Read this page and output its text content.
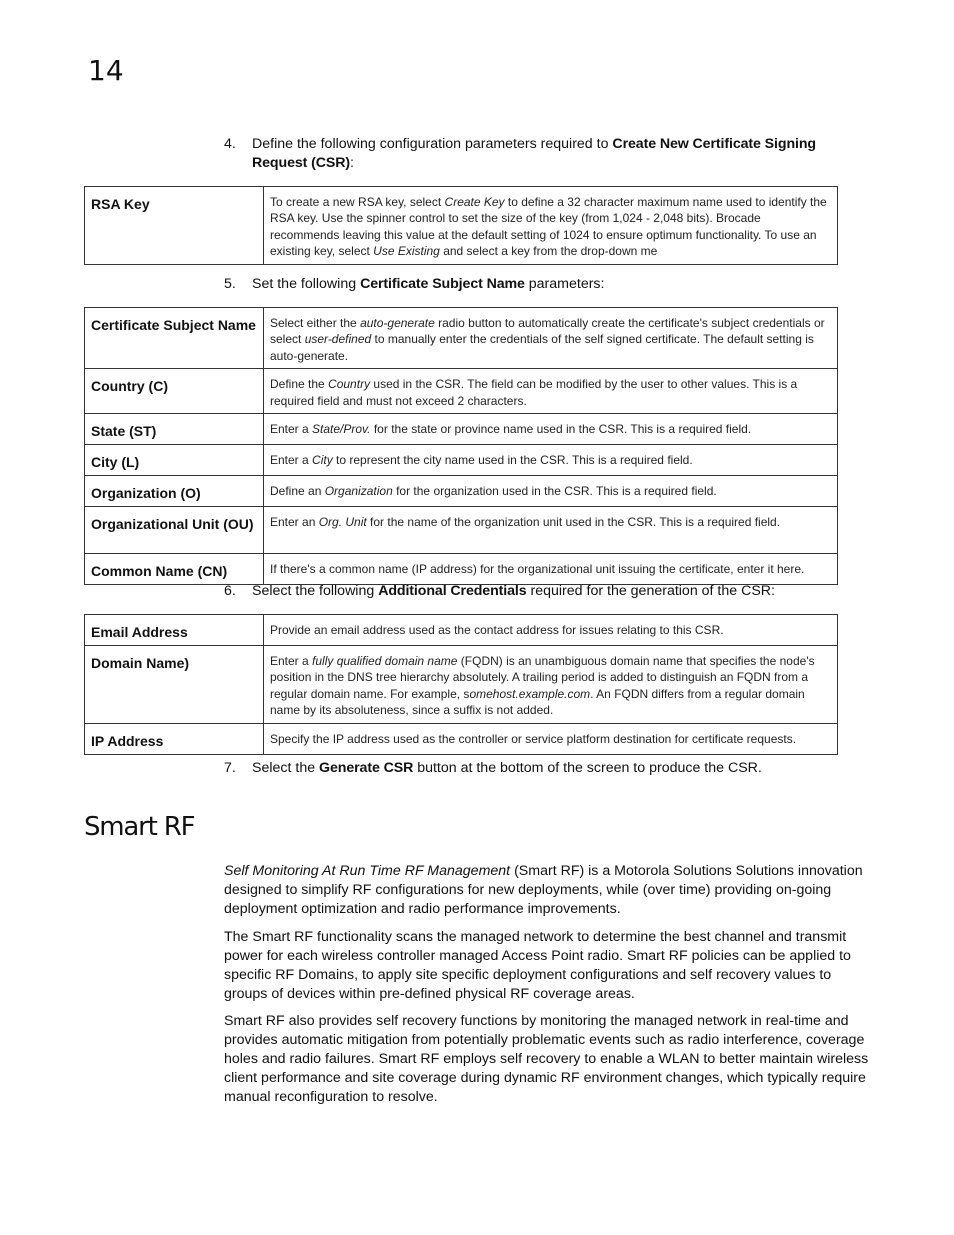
14
4.	Define the following configuration parameters required to Create New Certificate Signing Request (CSR):
RSA Key	To create a new RSA key, select Create Key to define a 32 character maximum name used to identify the RSA key. Use the spinner control to set the size of the key (from 1,024 - 2,048 bits). Brocade recommends leaving this value at the default setting of 1024 to ensure optimum functionality. To use an existing key, select Use Existing and select a key from the drop-down me
5.	Set the following Certificate Subject Name parameters:
Certificate Subject Name	Select either the auto-generate radio button to automatically create the certificate's subject credentials or select user-defined to manually enter the credentials of the self signed certificate. The default setting is auto-generate.
Country (C)	Define the Country used in the CSR. The field can be modified by the user to other values. This is a required field and must not exceed 2 characters.
State (ST)	Enter a State/Prov. for the state or province name used in the CSR. This is a required field.
City (L)	Enter a City to represent the city name used in the CSR. This is a required field.
Organization (O)	Define an Organization for the organization used in the CSR. This is a required field.
Organizational Unit (OU)	Enter an Org. Unit for the name of the organization unit used in the CSR. This is a required field.
Common Name (CN)	If there's a common name (IP address) for the organizational unit issuing the certificate, enter it here.
6.	Select the following Additional Credentials required for the generation of the CSR:
Email Address	Provide an email address used as the contact address for issues relating to this CSR.
Domain Name)	Enter a fully qualified domain name (FQDN) is an unambiguous domain name that specifies the node's position in the DNS tree hierarchy absolutely. A trailing period is added to distinguish an FQDN from a regular domain name. For example, somehost.example.com. An FQDN differs from a regular domain name by its absoluteness, since a suffix is not added.
IP Address	Specify the IP address used as the controller or service platform destination for certificate requests.
7.	Select the Generate CSR button at the bottom of the screen to produce the CSR.
Smart RF

Self Monitoring At Run Time RF Management (Smart RF) is a Motorola Solutions Solutions innovation designed to simplify RF configurations for new deployments, while (over time) providing on-going deployment optimization and radio performance improvements.

The Smart RF functionality scans the managed network to determine the best channel and transmit power for each wireless controller managed Access Point radio. Smart RF policies can be applied to specific RF Domains, to apply site specific deployment configurations and self recovery values to groups of devices within pre-defined physical RF coverage areas.

Smart RF also provides self recovery functions by monitoring the managed network in real-time and provides automatic mitigation from potentially problematic events such as radio interference, coverage holes and radio failures. Smart RF employs self recovery to enable a WLAN to better maintain wireless client performance and site coverage during dynamic RF environment changes, which typically require manual reconfiguration to resolve.
